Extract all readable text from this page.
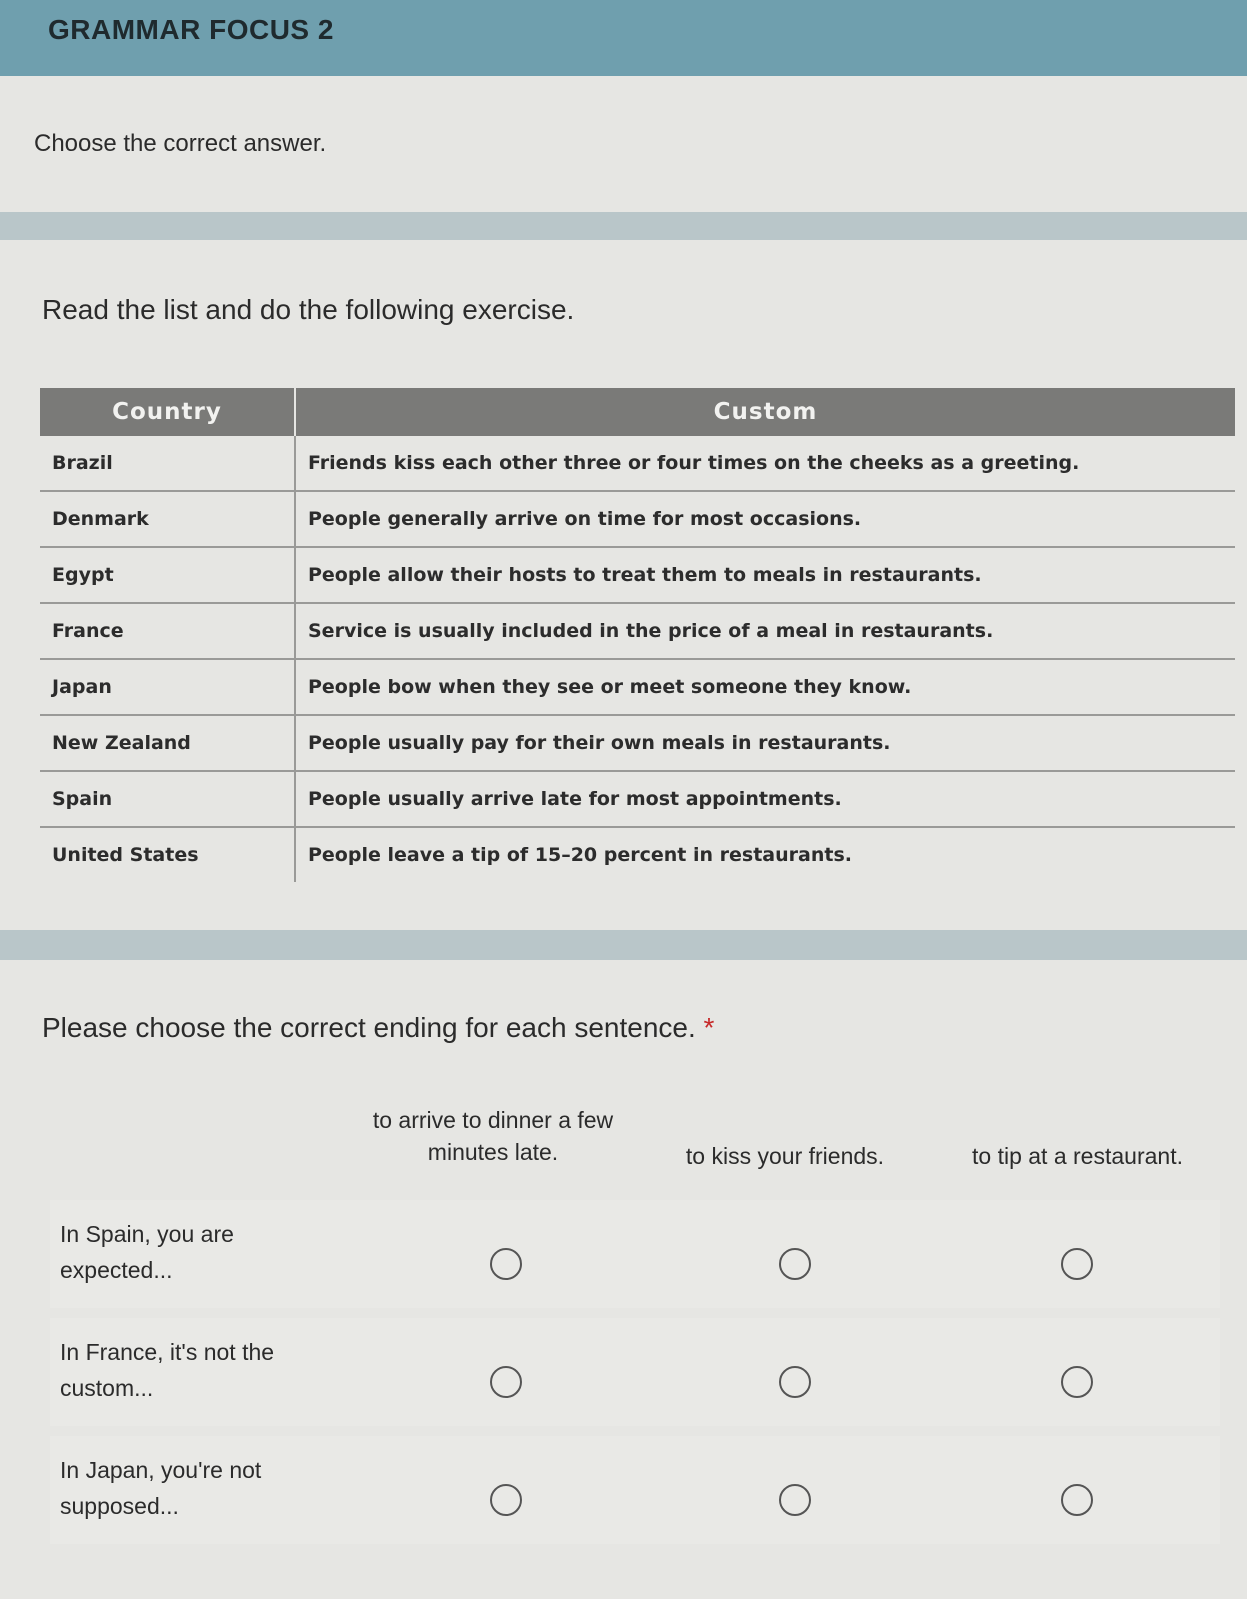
GRAMMAR FOCUS 2
Choose the correct answer.
Read the list and do the following exercise.
Country	Custom
Brazil	Friends kiss each other three or four times on the cheeks as a greeting.
Denmark	People generally arrive on time for most occasions.
Egypt	People allow their hosts to treat them to meals in restaurants.
France	Service is usually included in the price of a meal in restaurants.
Japan	People bow when they see or meet someone they know.
New Zealand	People usually pay for their own meals in restaurants.
Spain	People usually arrive late for most appointments.
United States	People leave a tip of 15–20 percent in restaurants.
Please choose the correct ending for each sentence. *
to arrive to dinner a few minutes late.	to kiss your friends.	to tip at a restaurant.
In Spain, you are expected...
In France, it's not the custom...
In Japan, you're not supposed...
